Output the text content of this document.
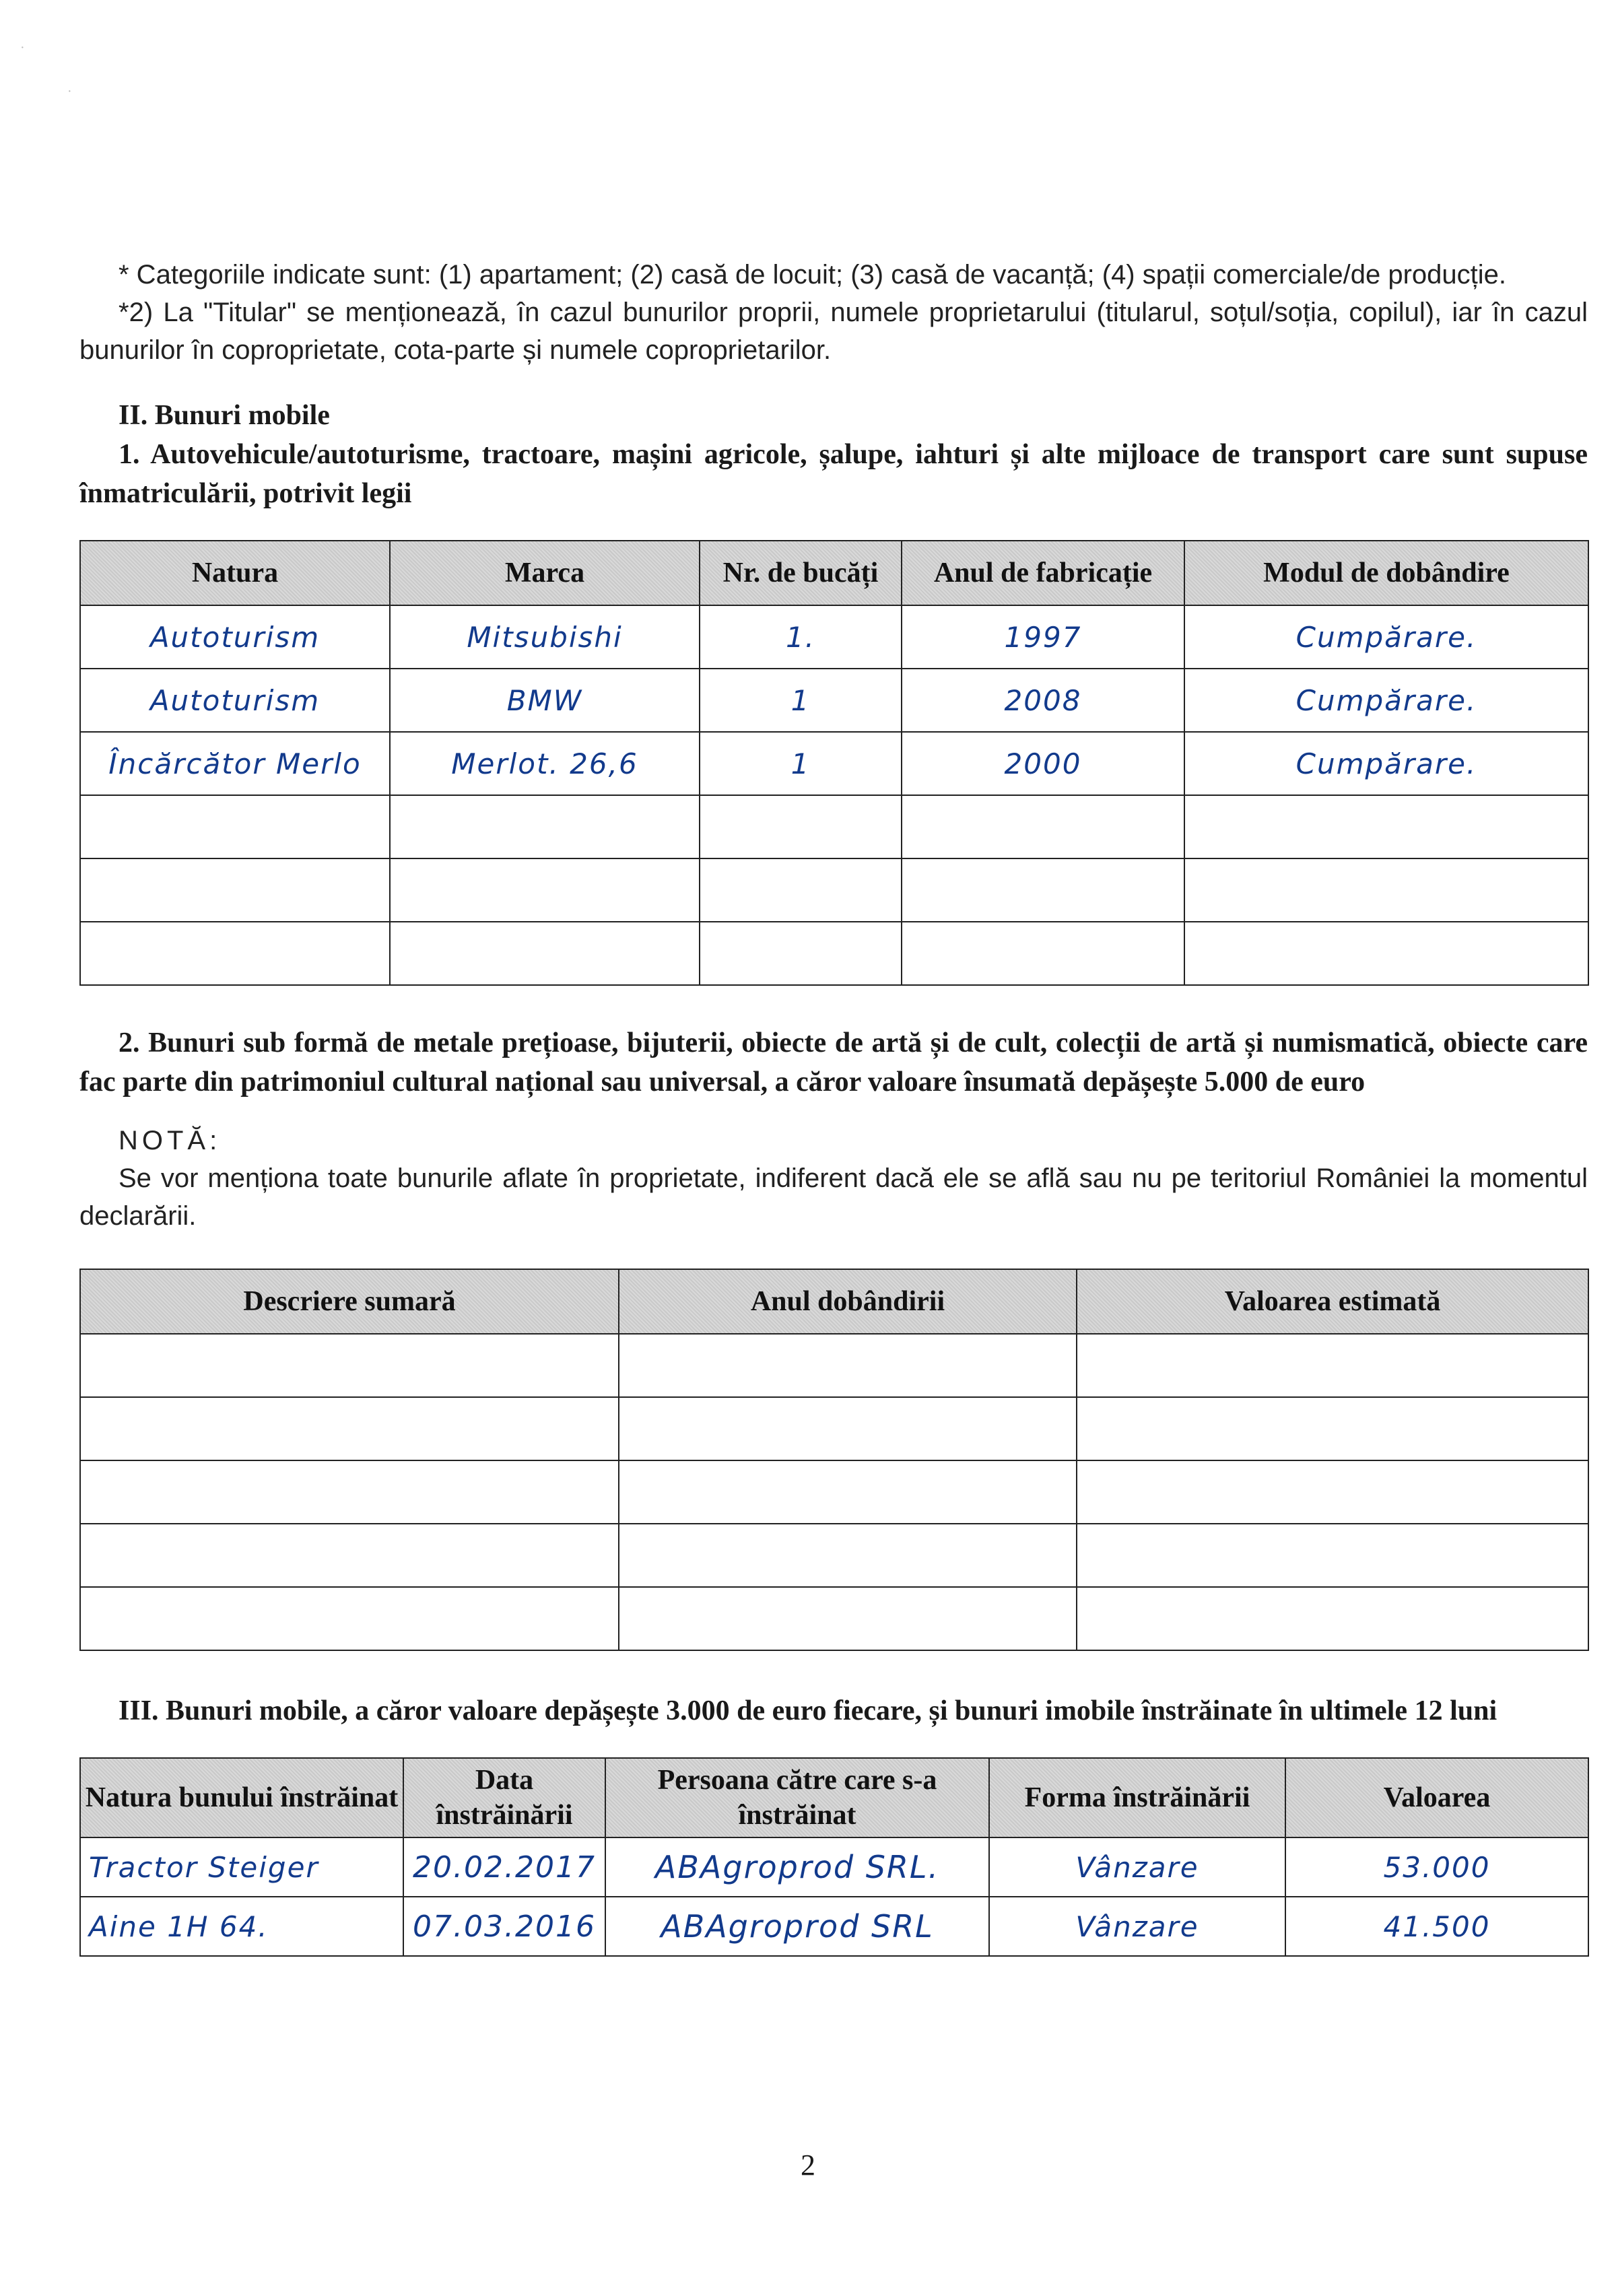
·
·

* Categoriile indicate sunt: (1) apartament; (2) casă de locuit; (3) casă de vacanță; (4) spații comerciale/de producție.

*2) La "Titular" se menționează, în cazul bunurilor proprii, numele proprietarului (titularul, soțul/soția, copilul), iar în cazul bunurilor în coproprietate, cota-parte și numele coproprietarilor.

II. Bunuri mobile

1. Autovehicule/autoturisme, tractoare, mașini agricole, șalupe, iahturi și alte mijloace de transport care sunt supuse înmatriculării, potrivit legii

Natura	Marca	Nr. de bucăți	Anul de fabricație	Modul de dobândire
Autoturism	Mitsubishi	1.	1997	Cumpărare.
Autoturism	BMW	1	2008	Cumpărare.
Încărcător Merlo	Merlot. 26,6	1	2000	Cumpărare.

2. Bunuri sub formă de metale prețioase, bijuterii, obiecte de artă și de cult, colecții de artă și numismatică, obiecte care fac parte din patrimoniul cultural național sau universal, a căror valoare însumată depășește 5.000 de euro

NOTĂ:

Se vor menționa toate bunurile aflate în proprietate, indiferent dacă ele se află sau nu pe teritoriul României la momentul declarării.

Descriere sumară	Anul dobândirii	Valoarea estimată

III. Bunuri mobile, a căror valoare depășește 3.000 de euro fiecare, și bunuri imobile înstrăinate în ultimele 12 luni

Natura bunului înstrăinat	Data înstrăinării	Persoana către care s-a înstrăinat	Forma înstrăinării	Valoarea
Tractor Steiger	20.02.2017	ABAgroprod SRL.	Vânzare	53.000
Aine 1H 64.	07.03.2016	ABAgroprod SRL	Vânzare	41.500
2
